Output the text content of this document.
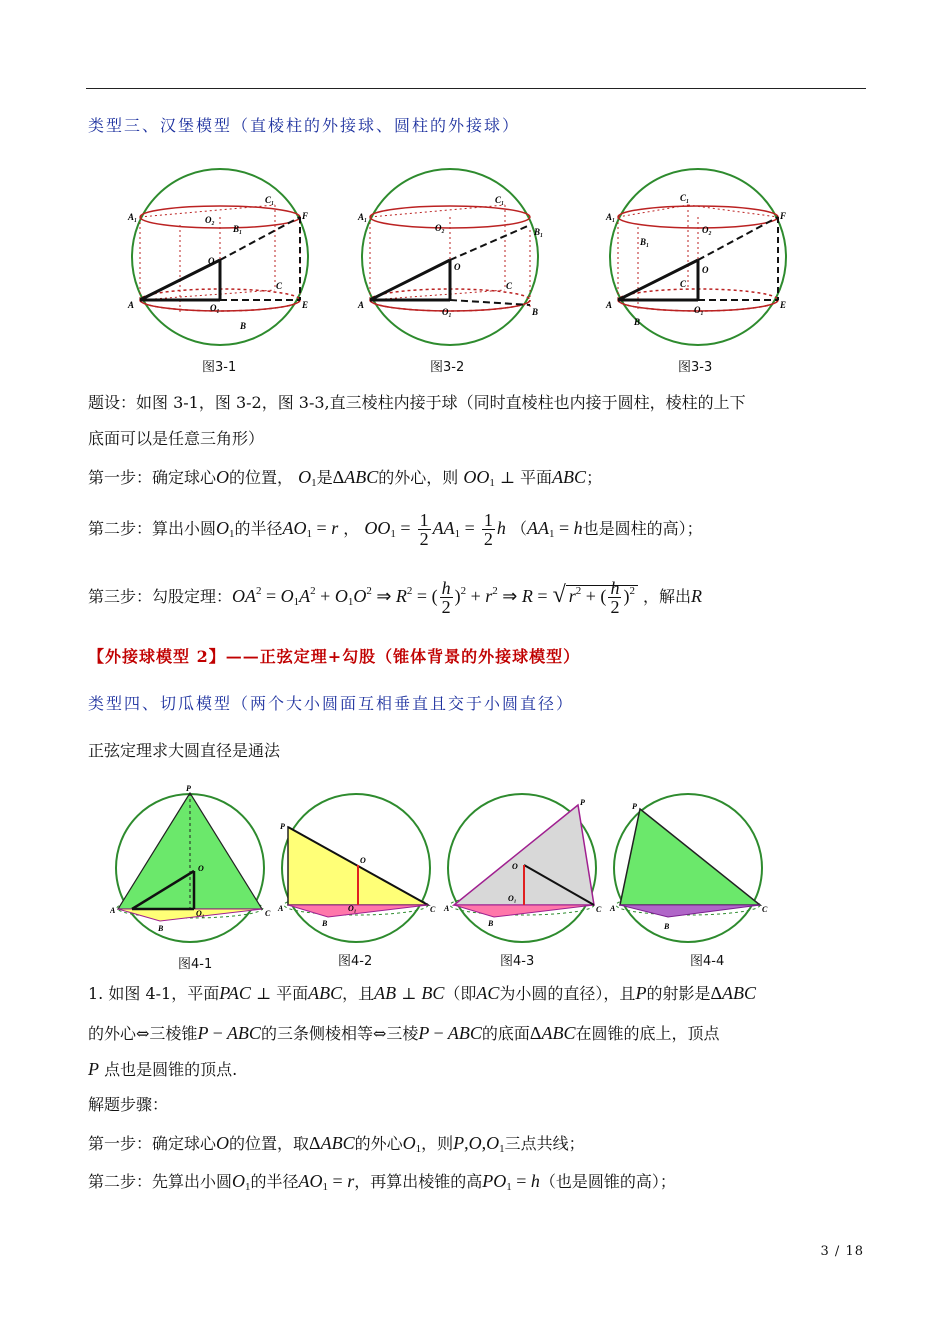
类型三、汉堡模型（直棱柱的外接球、圆柱的外接球）
A₁	O₂
C₁
F
B₁
O
C
A	O₁	E
B
A₁
O₂
C₁
B₁
O
C
A
O₁	B
A₁
C₁
O₂
F
B₁
O
C
A	O₁	E
B
图3-1	图3-2	图3-3
题设：如图 3-1，图 3-2，图 3-3,直三棱柱内接于球（同时直棱柱也内接于圆柱，棱柱的上下
底面可以是任意三角形）
第一步：确定球心O的位置， $O_1$是ΔABC的外心，则 $OO_1$ ⊥ 平面ABC；
第二步：算出小圆$O_1$的半径$AO_1 = r$ ， $OO_1 = \frac{1}{2} AA_1 = \frac{1}{2}$ h （$AA_1 = h$也是圆柱的高）；
第三步：勾股定理：$OA^2 = O_1A^2 + O_1O^2$ ⇒ $R^2$ = ( $\frac{h}{2} )^2 + r^2$ ⇒ R = √ $r^2$ + ( $\frac{h}{2} )^2$ ，解出R
【外接球模型 2】——正弦定理+勾股（锥体背景的外接球模型）
类型四、切瓜模型（两个大小圆面互相垂直且交于小圆直径）
正弦定理求大圆直径是通法
P
O
A	O₁	C
B
P
O
A	O₁	C
B
P
O
A
O₁
C
B
P
A	C
B
图4-1	图4-2	图4-3	图4-4
1. 如图 4-1，平面PAC ⊥ 平面ABC，且AB ⊥ BC（即AC为小圆的直径），且P的射影是ΔABC
的外心⇔三棱锥P − ABC的三条侧棱相等⇔三棱P − ABC的底面ΔABC在圆锥的底上，顶点
P 点也是圆锥的顶点.
解题步骤：
第一步：确定球心O的位置，取ΔABC的外心$O_1$，则$P,O,O_1$三点共线；
第二步：先算出小圆$O_1$的半径$AO_1 = r$，再算出棱锥的高$PO_1 = h$（也是圆锥的高）；
3 / 18
